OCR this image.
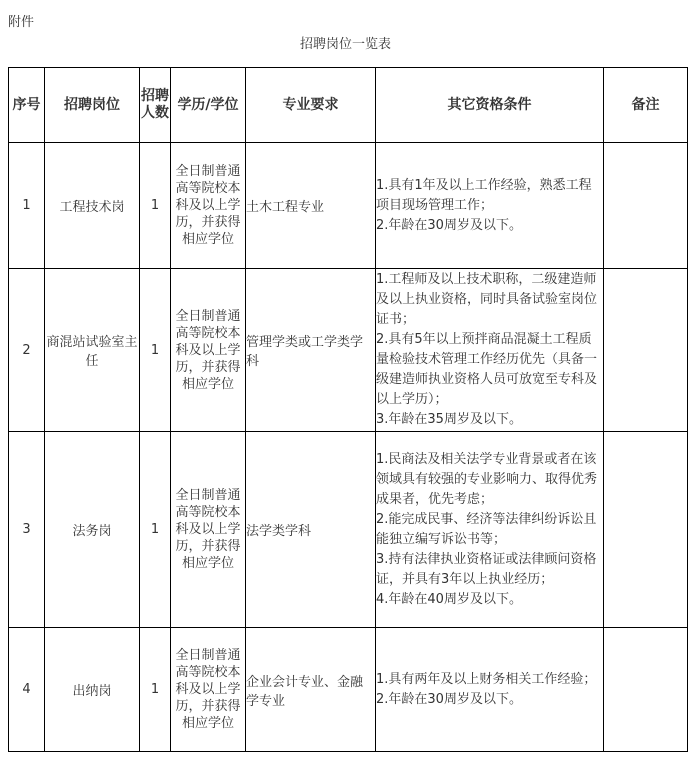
附件
招聘岗位一览表
序号	招聘岗位	招聘人数	学历/学位	专业要求	其它资格条件	备注
1	工程技术岗	1	全日制普通高等院校本科及以上学历，并获得相应学位	土木工程专业	1.具有1年及以上工作经验，熟悉工程项目现场管理工作；
2.年龄在30周岁及以下。	

2	商混站试验室主任	1	全日制普通高等院校本科及以上学历，并获得相应学位	管理学类或工学类学科	1.工程师及以上技术职称，二级建造师及以上执业资格，同时具备试验室岗位证书；
2.具有5年以上预拌商品混凝土工程质量检验技术管理工作经历优先（具备一级建造师执业资格人员可放宽至专科及以上学历）；
3.年龄在35周岁及以下。	

3	法务岗	1	全日制普通高等院校本科及以上学历，并获得相应学位	法学类学科	1.民商法及相关法学专业背景或者在该领域具有较强的专业影响力、取得优秀成果者，优先考虑；
2.能完成民事、经济等法律纠纷诉讼且能独立编写诉讼书等；
3.持有法律执业资格证或法律顾问资格证，并具有3年以上执业经历；
4.年龄在40周岁及以下。	

4	出纳岗	1	全日制普通高等院校本科及以上学历，并获得相应学位	企业会计专业、金融学专业	1.具有两年及以上财务相关工作经验；
2.年龄在30周岁及以下。	
